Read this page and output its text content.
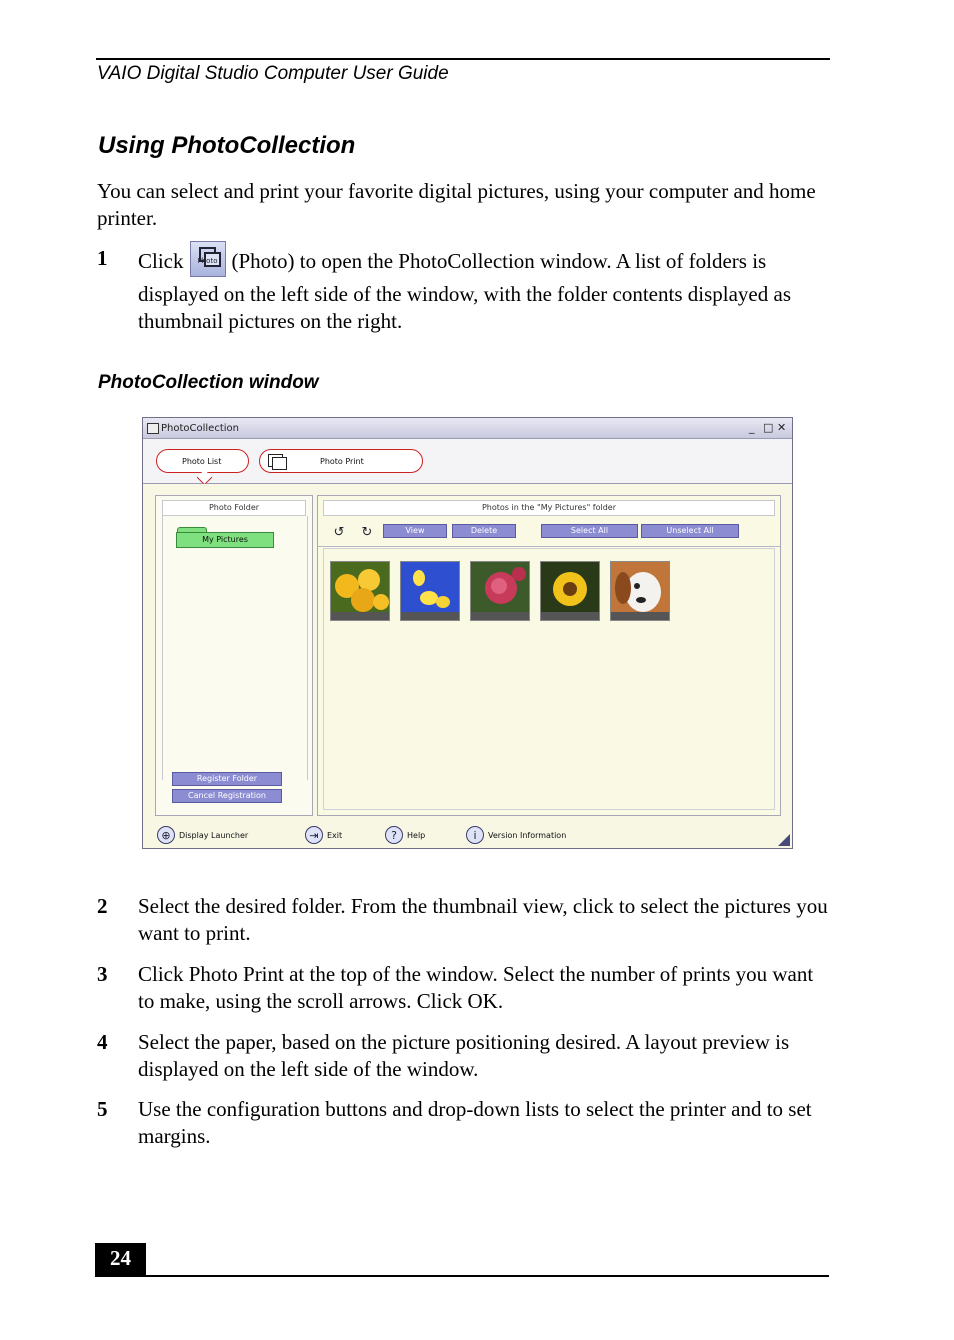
VAIO Digital Studio Computer User Guide
Using PhotoCollection
You can select and print your favorite digital pictures, using your computer and home printer.
1 Click	Photo (Photo) to open the PhotoCollection window. A list of folders is displayed on the left side of the window, with the folder contents displayed as thumbnail pictures on the right.
PhotoCollection window
PhotoCollection	_ □ ✕
Photo List	Photo Print
Photo Folder
My Pictures
Register Folder
Cancel Registration
Photos in the "My Pictures" folder
↺ ↻	View	Delete	Select All	Unselect All
⊕	Display Launcher	⇥	Exit	?	Help	i	Version Information
2 Select the desired folder. From the thumbnail view, click to select the pictures you want to print.
3 Click Photo Print at the top of the window. Select the number of prints you want to make, using the scroll arrows. Click OK.
4 Select the paper, based on the picture positioning desired. A layout preview is displayed on the left side of the window.
5 Use the configuration buttons and drop-down lists to select the printer and to set margins.
24
